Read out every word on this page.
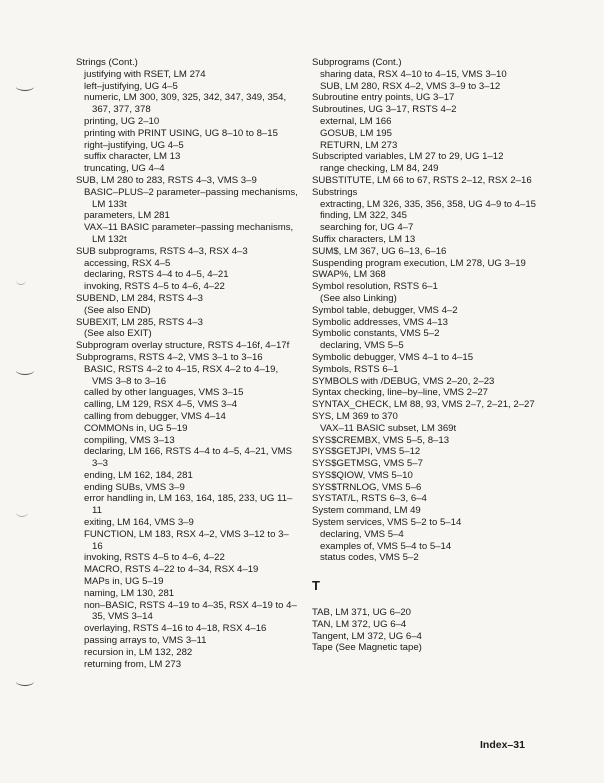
Strings (Cont.)
justifying with RSET, LM 274
left–justifying, UG 4–5
numeric, LM 300, 309, 325, 342, 347, 349, 354, 367, 377, 378
printing, UG 2–10
printing with PRINT USING, UG 8–10 to 8–15
right–justifying, UG 4–5
suffix character, LM 13
truncating, UG 4–4
SUB, LM 280 to 283, RSTS 4–3, VMS 3–9
BASIC–PLUS–2 parameter–passing mechanisms, LM 133t
parameters, LM 281
VAX–11 BASIC parameter–passing mechanisms, LM 132t
SUB subprograms, RSTS 4–3, RSX 4–3
accessing, RSX 4–5
declaring, RSTS 4–4 to 4–5, 4–21
invoking, RSTS 4–5 to 4–6, 4–22
SUBEND, LM 284, RSTS 4–3
(See also END)
SUBEXIT, LM 285, RSTS 4–3
(See also EXIT)
Subprogram overlay structure, RSTS 4–16f, 4–17f
Subprograms, RSTS 4–2, VMS 3–1 to 3–16
BASIC, RSTS 4–2 to 4–15, RSX 4–2 to 4–19, VMS 3–8 to 3–16
called by other languages, VMS 3–15
calling, LM 129, RSX 4–5, VMS 3–4
calling from debugger, VMS 4–14
COMMONs in, UG 5–19
compiling, VMS 3–13
declaring, LM 166, RSTS 4–4 to 4–5, 4–21, VMS 3–3
ending, LM 162, 184, 281
ending SUBs, VMS 3–9
error handling in, LM 163, 164, 185, 233, UG 11–11
exiting, LM 164, VMS 3–9
FUNCTION, LM 183, RSX 4–2, VMS 3–12 to 3–16
invoking, RSTS 4–5 to 4–6, 4–22
MACRO, RSTS 4–22 to 4–34, RSX 4–19
MAPs in, UG 5–19
naming, LM 130, 281
non–BASIC, RSTS 4–19 to 4–35, RSX 4–19 to 4–35, VMS 3–14
overlaying, RSTS 4–16 to 4–18, RSX 4–16
passing arrays to, VMS 3–11
recursion in, LM 132, 282
returning from, LM 273
Subprograms (Cont.)
sharing data, RSX 4–10 to 4–15, VMS 3–10
SUB, LM 280, RSX 4–2, VMS 3–9 to 3–12
Subroutine entry points, UG 3–17
Subroutines, UG 3–17, RSTS 4–2
external, LM 166
GOSUB, LM 195
RETURN, LM 273
Subscripted variables, LM 27 to 29, UG 1–12
range checking, LM 84, 249
SUBSTITUTE, LM 66 to 67, RSTS 2–12, RSX 2–16
Substrings
extracting, LM 326, 335, 356, 358, UG 4–9 to 4–15
finding, LM 322, 345
searching for, UG 4–7
Suffix characters, LM 13
SUM$, LM 367, UG 6–13, 6–16
Suspending program execution, LM 278, UG 3–19
SWAP%, LM 368
Symbol resolution, RSTS 6–1
(See also Linking)
Symbol table, debugger, VMS 4–2
Symbolic addresses, VMS 4–13
Symbolic constants, VMS 5–2
declaring, VMS 5–5
Symbolic debugger, VMS 4–1 to 4–15
Symbols, RSTS 6–1
SYMBOLS with /DEBUG, VMS 2–20, 2–23
Syntax checking, line–by–line, VMS 2–27
SYNTAX_CHECK, LM 88, 93, VMS 2–7, 2–21, 2–27
SYS, LM 369 to 370
VAX–11 BASIC subset, LM 369t
SYS$CREMBX, VMS 5–5, 8–13
SYS$GETJPI, VMS 5–12
SYS$GETMSG, VMS 5–7
SYS$QIOW, VMS 5–10
SYS$TRNLOG, VMS 5–6
SYSTAT/L, RSTS 6–3, 6–4
System command, LM 49
System services, VMS 5–2 to 5–14
declaring, VMS 5–4
examples of, VMS 5–4 to 5–14
status codes, VMS 5–2
T
TAB, LM 371, UG 6–20
TAN, LM 372, UG 6–4
Tangent, LM 372, UG 6–4
Tape (See Magnetic tape)
Index–31
